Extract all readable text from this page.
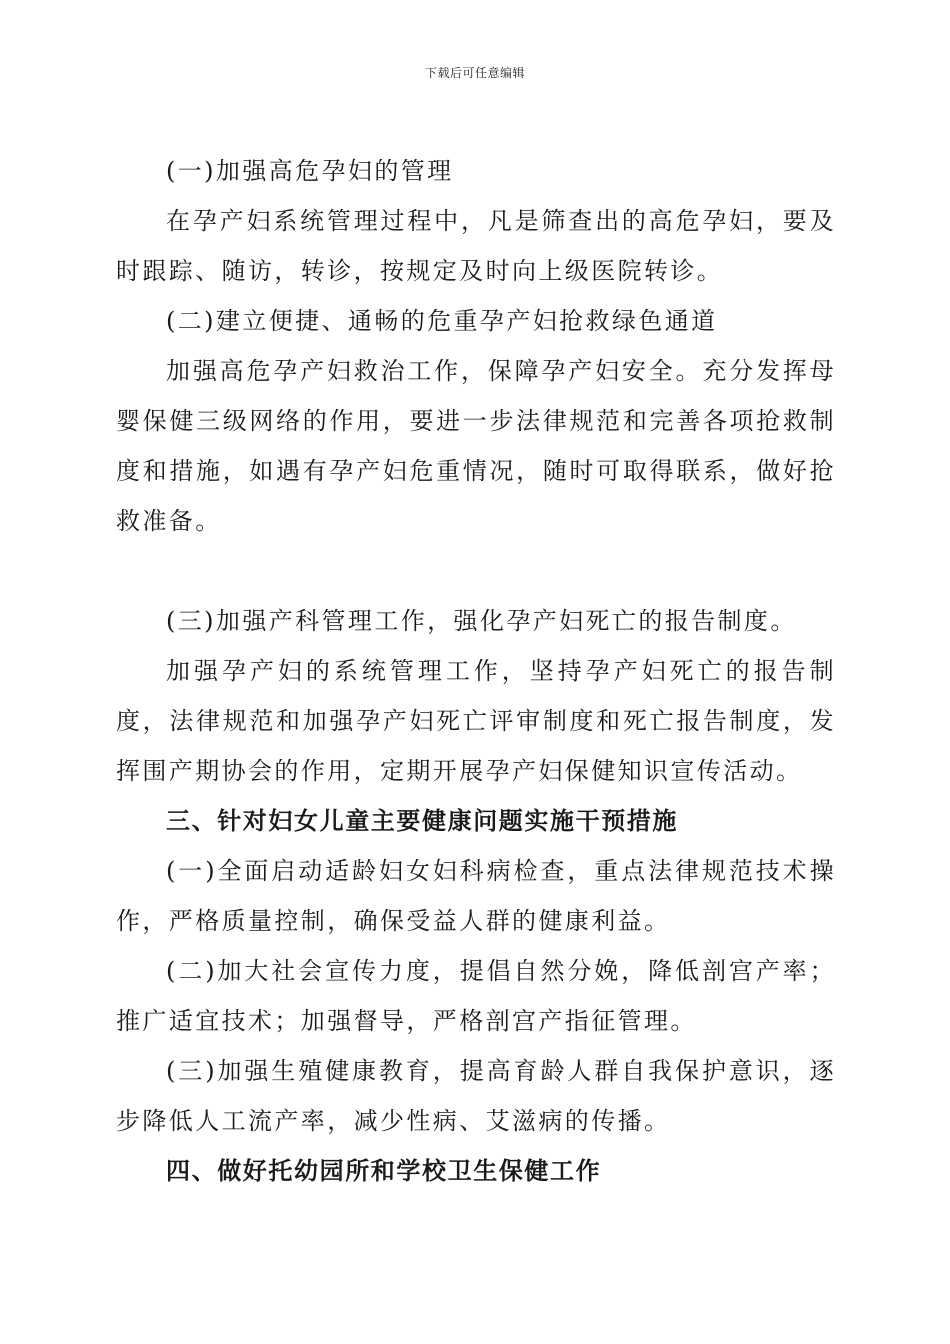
下载后可任意编辑

(一)加强高危孕妇的管理

在孕产妇系统管理过程中，凡是筛查出的高危孕妇，要及时跟踪、随访，转诊，按规定及时向上级医院转诊。

(二)建立便捷、通畅的危重孕产妇抢救绿色通道

加强高危孕产妇救治工作，保障孕产妇安全。充分发挥母婴保健三级网络的作用，要进一步法律规范和完善各项抢救制度和措施，如遇有孕产妇危重情况，随时可取得联系，做好抢救准备。

(三)加强产科管理工作，强化孕产妇死亡的报告制度。

加强孕产妇的系统管理工作，坚持孕产妇死亡的报告制度，法律规范和加强孕产妇死亡评审制度和死亡报告制度，发挥围产期协会的作用，定期开展孕产妇保健知识宣传活动。

三、针对妇女儿童主要健康问题实施干预措施

(一)全面启动适龄妇女妇科病检查，重点法律规范技术操作，严格质量控制，确保受益人群的健康利益。

(二)加大社会宣传力度，提倡自然分娩，降低剖宫产率；推广适宜技术；加强督导，严格剖宫产指征管理。

(三)加强生殖健康教育，提高育龄人群自我保护意识，逐步降低人工流产率，减少性病、艾滋病的传播。

四、做好托幼园所和学校卫生保健工作
